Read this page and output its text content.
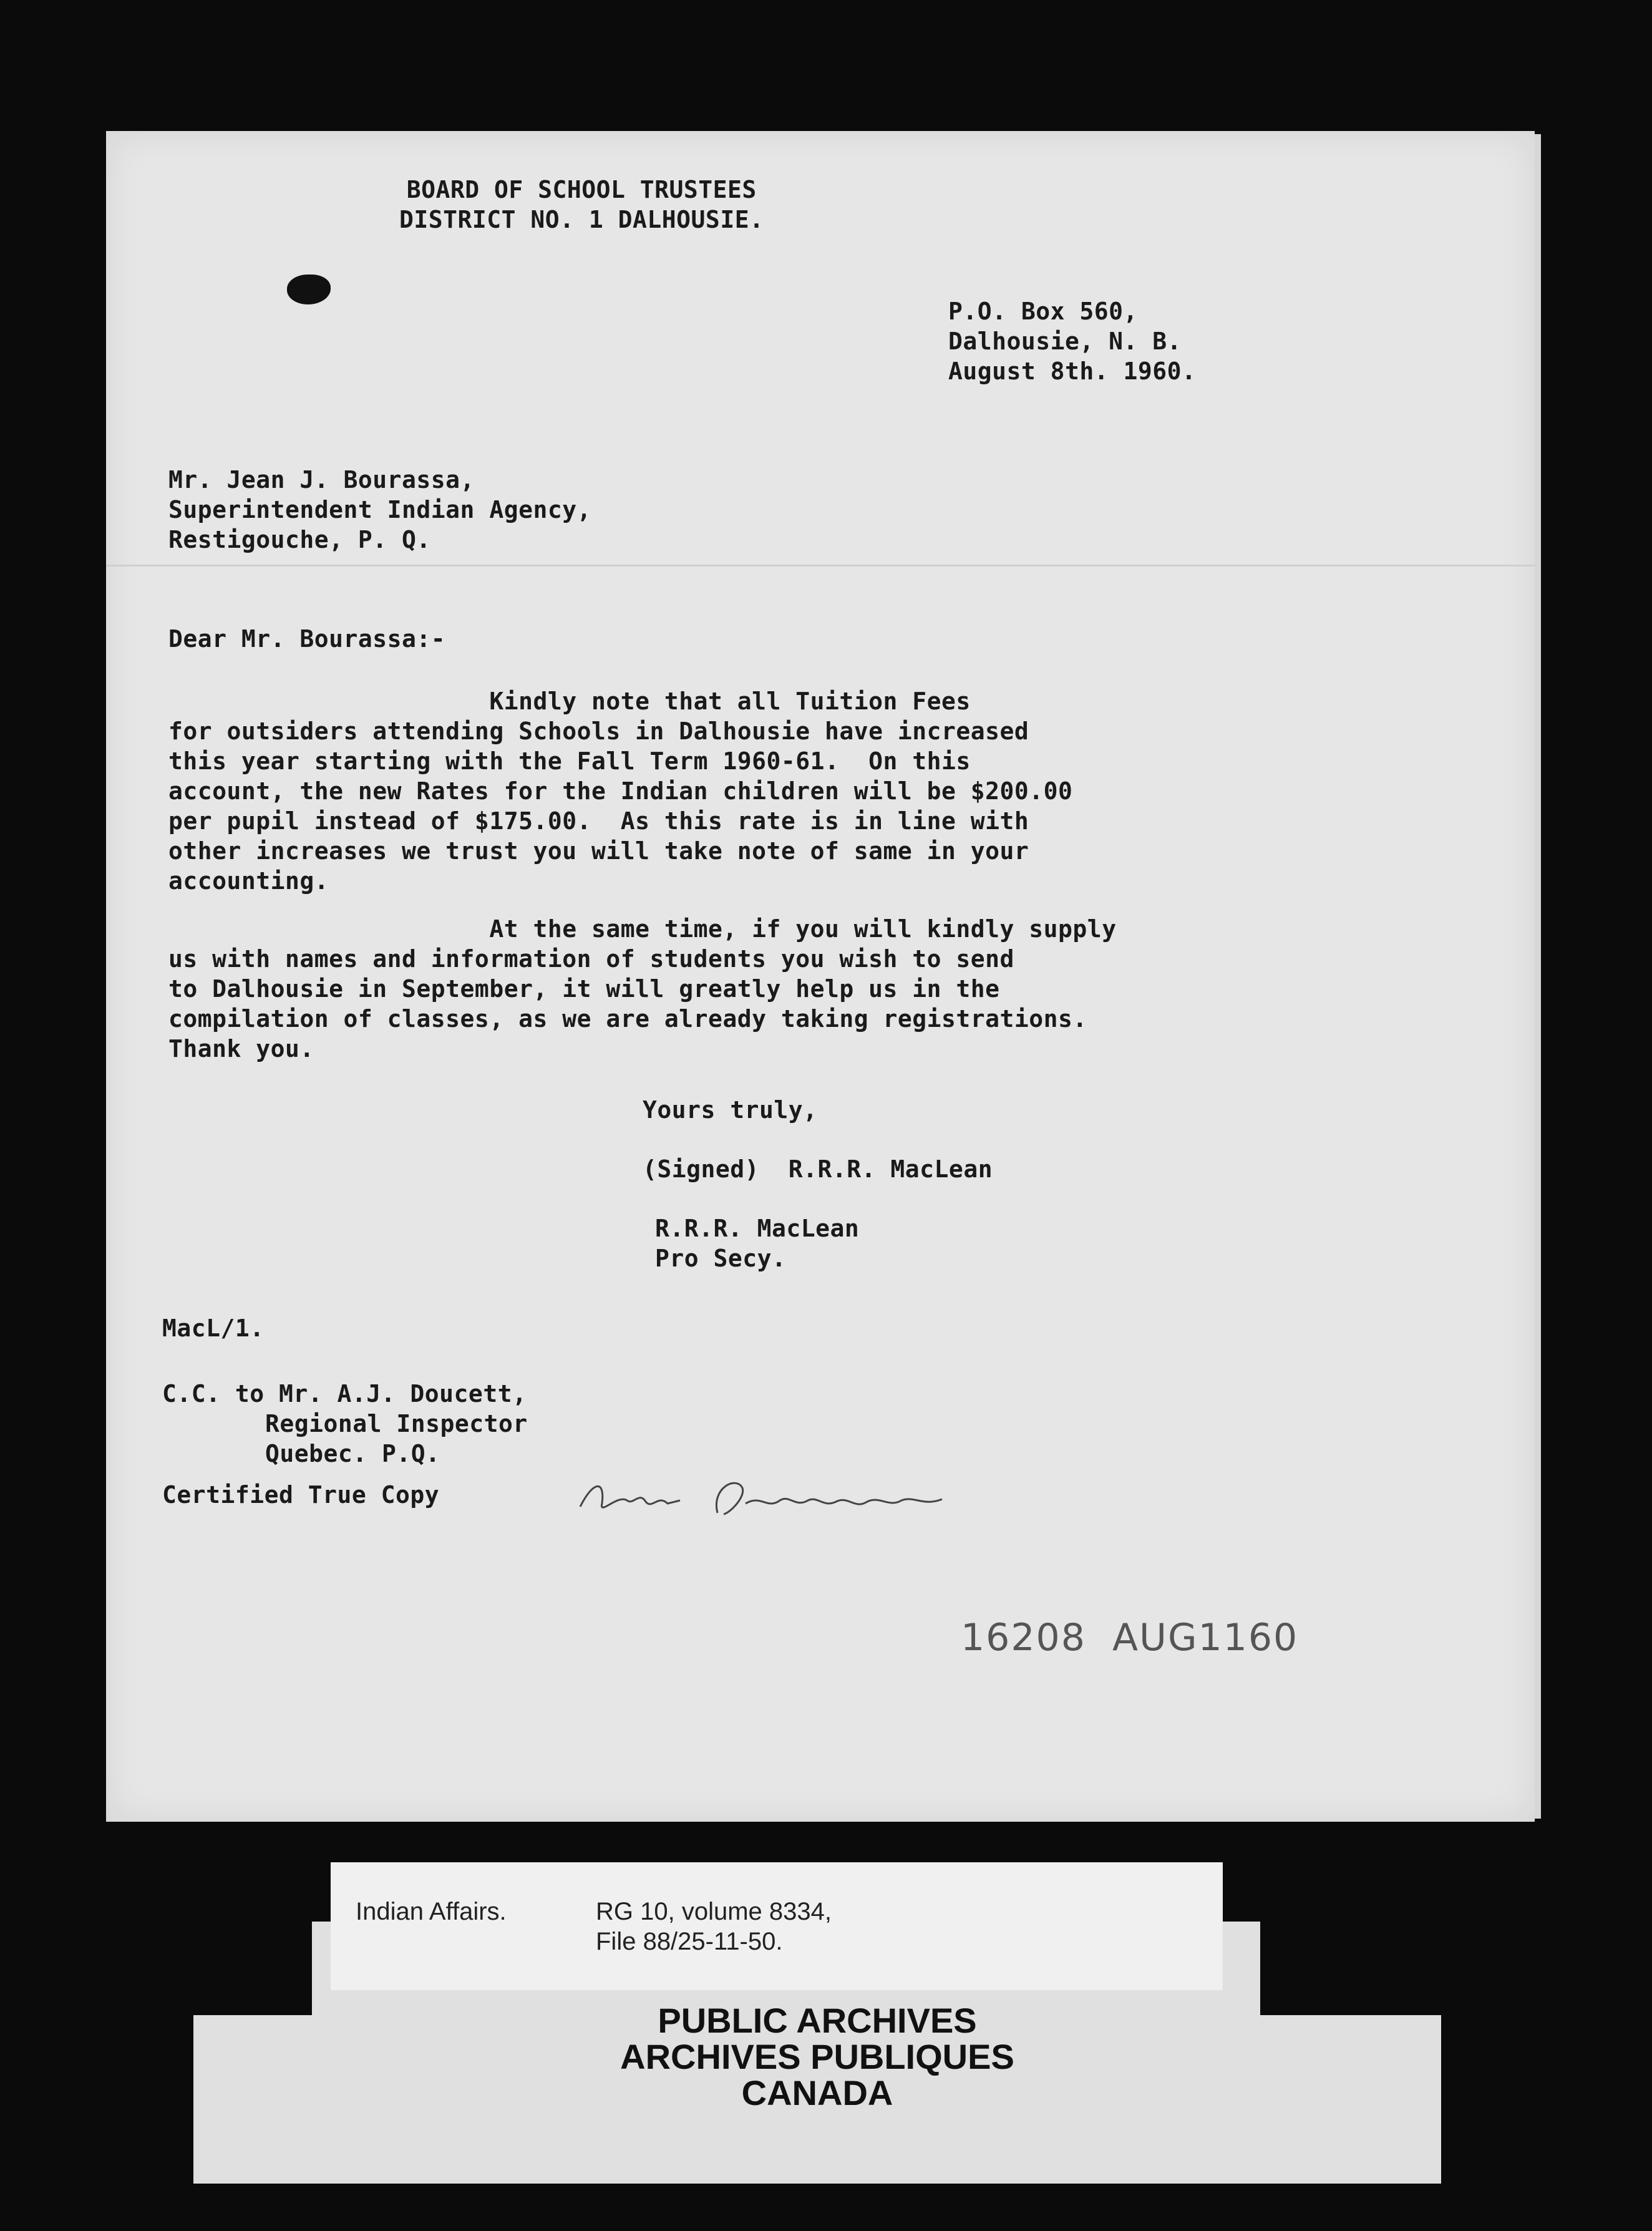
BOARD OF SCHOOL TRUSTEES
DISTRICT NO. 1 DALHOUSIE.
P.O. Box 560,
Dalhousie, N. B.
August 8th. 1960.
Mr. Jean J. Bourassa,
Superintendent Indian Agency,
Restigouche, P. Q.
Dear Mr. Bourassa:-
Kindly note that all Tuition Fees
for outsiders attending Schools in Dalhousie have increased
this year starting with the Fall Term 1960-61.  On this
account, the new Rates for the Indian children will be $200.00
per pupil instead of $175.00.  As this rate is in line with
other increases we trust you will take note of same in your
accounting.
At the same time, if you will kindly supply
us with names and information of students you wish to send
to Dalhousie in September, it will greatly help us in the
compilation of classes, as we are already taking registrations.
Thank you.
Yours truly,
(Signed)  R.R.R. MacLean
R.R.R. MacLean
Pro Secy.
MacL/1.
C.C. to Mr. A.J. Doucett,
Regional Inspector
Quebec. P.Q.
Certified True Copy
16208  AUG1160
Indian Affairs.	RG 10, volume 8334,
File 88/25-11-50.
PUBLIC ARCHIVES
ARCHIVES PUBLIQUES
CANADA
